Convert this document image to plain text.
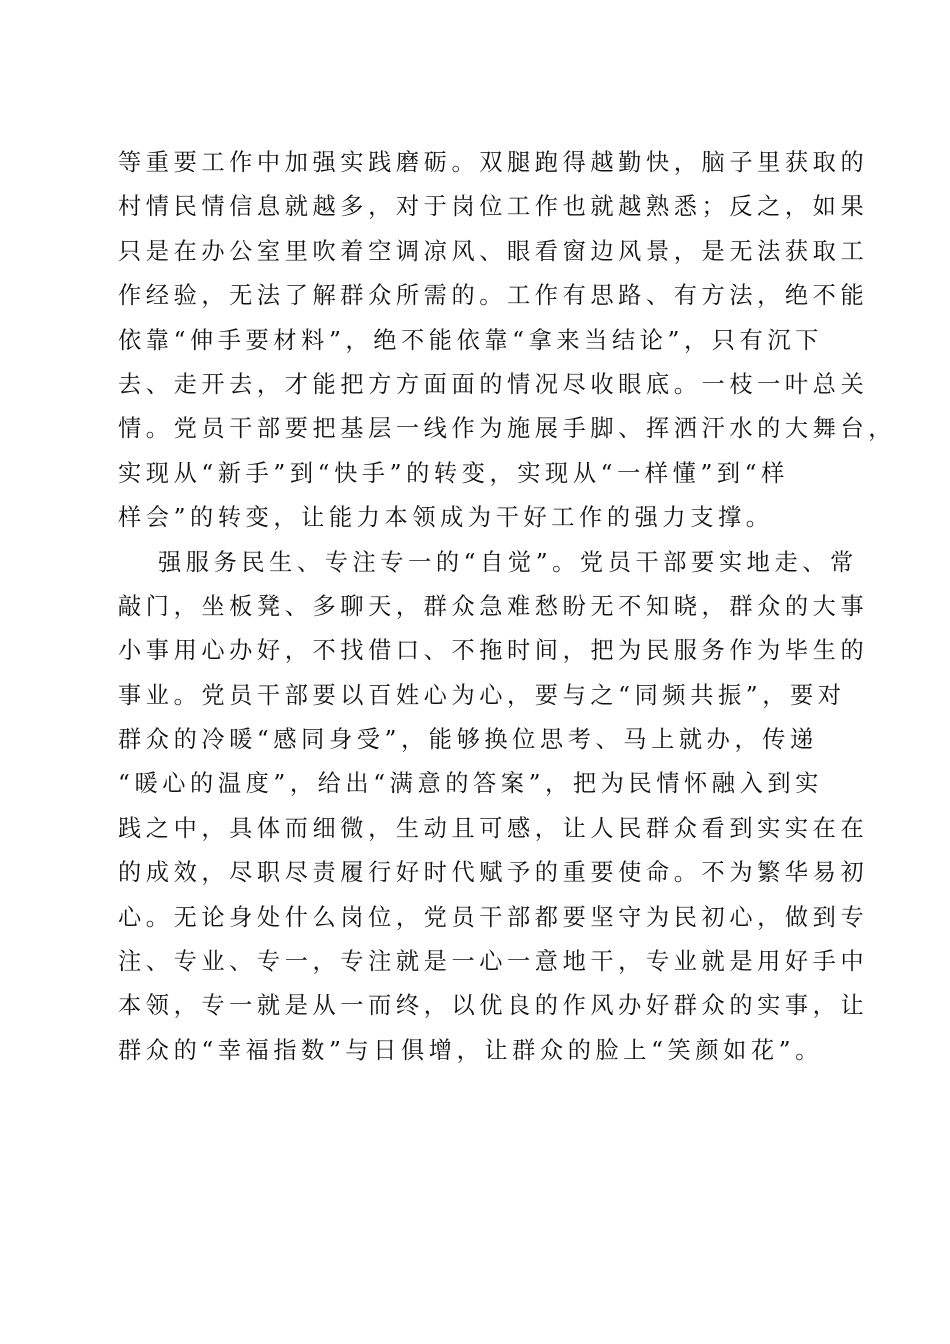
等重要工作中加强实践磨砺。双腿跑得越勤快，脑子里获取的
村情民情信息就越多，对于岗位工作也就越熟悉；反之，如果
只是在办公室里吹着空调凉风、眼看窗边风景，是无法获取工
作经验，无法了解群众所需的。工作有思路、有方法，绝不能
依靠“伸手要材料”，绝不能依靠“拿来当结论”，只有沉下
去、走开去，才能把方方面面的情况尽收眼底。一枝一叶总关
情。党员干部要把基层一线作为施展手脚、挥洒汗水的大舞台，
实现从“新手”到“快手”的转变，实现从“一样懂”到“样
样会”的转变，让能力本领成为干好工作的强力支撑。
强服务民生、专注专一的“自觉”。党员干部要实地走、常
敲门，坐板凳、多聊天，群众急难愁盼无不知晓，群众的大事
小事用心办好，不找借口、不拖时间，把为民服务作为毕生的
事业。党员干部要以百姓心为心，要与之“同频共振”，要对
群众的冷暖“感同身受”，能够换位思考、马上就办，传递
“暖心的温度”，给出“满意的答案”，把为民情怀融入到实
践之中，具体而细微，生动且可感，让人民群众看到实实在在
的成效，尽职尽责履行好时代赋予的重要使命。不为繁华易初
心。无论身处什么岗位，党员干部都要坚守为民初心，做到专
注、专业、专一，专注就是一心一意地干，专业就是用好手中
本领，专一就是从一而终，以优良的作风办好群众的实事，让
群众的“幸福指数”与日俱增，让群众的脸上“笑颜如花”。
